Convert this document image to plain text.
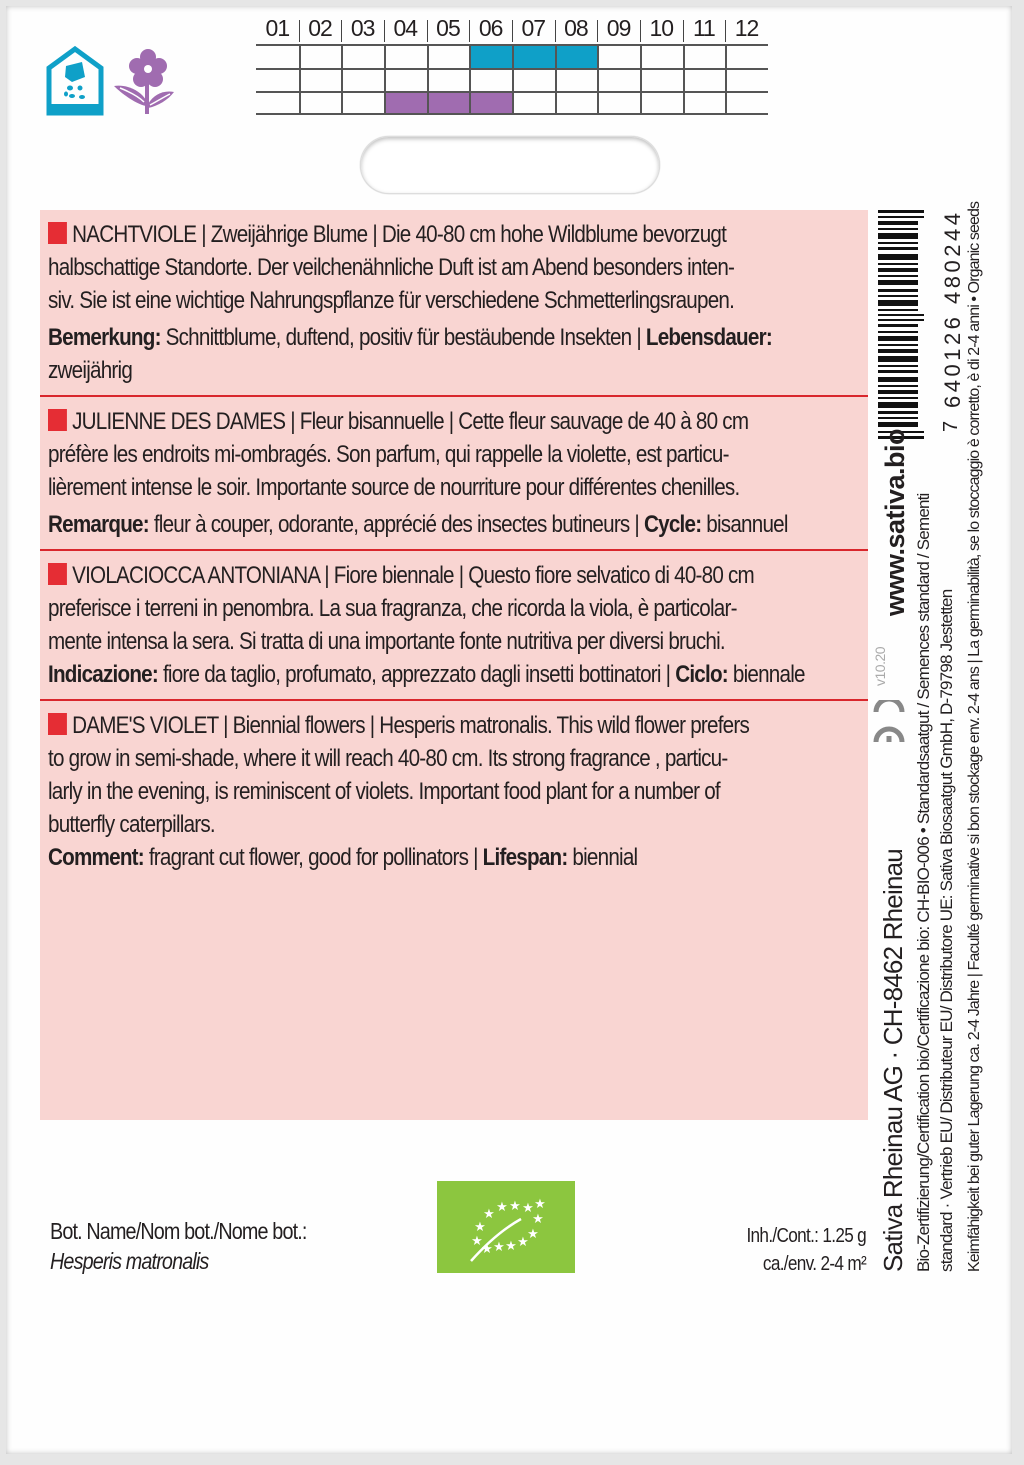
01 02 03 04 05 06 07 08 09 10 11 12
NACHTVIOLE | Zweijährige Blume | Die 40-80 cm hohe Wildblume bevorzugt
halbschattige Standorte. Der veilchenähnliche Duft ist am Abend besonders inten-
siv. Sie ist eine wichtige Nahrungspflanze für verschiedene Schmetterlingsraupen.
Bemerkung: Schnittblume, duftend, positiv für bestäubende Insekten | Lebensdauer:
zweijährig
JULIENNE DES DAMES | Fleur bisannuelle | Cette fleur sauvage de 40 à 80 cm
préfère les endroits mi-ombragés. Son parfum, qui rappelle la violette, est particu-
lièrement intense le soir. Importante source de nourriture pour différentes chenilles.
Remarque: fleur à couper, odorante, apprécié des insectes butineurs | Cycle: bisannuel
VIOLACIOCCA ANTONIANA | Fiore biennale | Questo fiore selvatico di 40-80 cm
preferisce i terreni in penombra. La sua fragranza, che ricorda la viola, è particolar-
mente intensa la sera. Si tratta di una importante fonte nutritiva per diversi bruchi.
Indicazione: fiore da taglio, profumato, apprezzato dagli insetti bottinatori | Ciclo: biennale
DAME'S VIOLET | Biennial flowers | Hesperis matronalis. This wild flower prefers
to grow in semi-shade, where it will reach 40-80 cm. Its strong fragrance , particu-
larly in the evening, is reminiscent of violets. Important food plant for a number of
butterfly caterpillars.
Comment: fragrant cut flower, good for pollinators | Lifespan: biennial
Bot. Name/Nom bot./Nome bot.:
Hesperis matronalis
★ ★ ★ ★ ★
★
★
★	★
★ ★ ★ ★	Inh./Cont.: 1.25 g
ca./env. 2-4 m²
640126 480244
7
www.sativa.bio
v10.20
Sativa Rheinau AG · CH-8462 Rheinau Bio-Zertifizierung/Certification bio/Certificazione bio: CH-BIO-006 • Standardsaatgut / Semences standard / Sementi standard · Vertrieb EU/ Distributeur EU/ Distributore UE: Sativa Biosaatgut GmbH, D-79798 Jestetten Keimfähigkeit bei guter Lagerung ca. 2-4 Jahre | Faculté germinative si bon stockage env. 2-4 ans | La germinabilità, se lo stoccaggio è corretto, è di 2-4 anni • Organic seeds
